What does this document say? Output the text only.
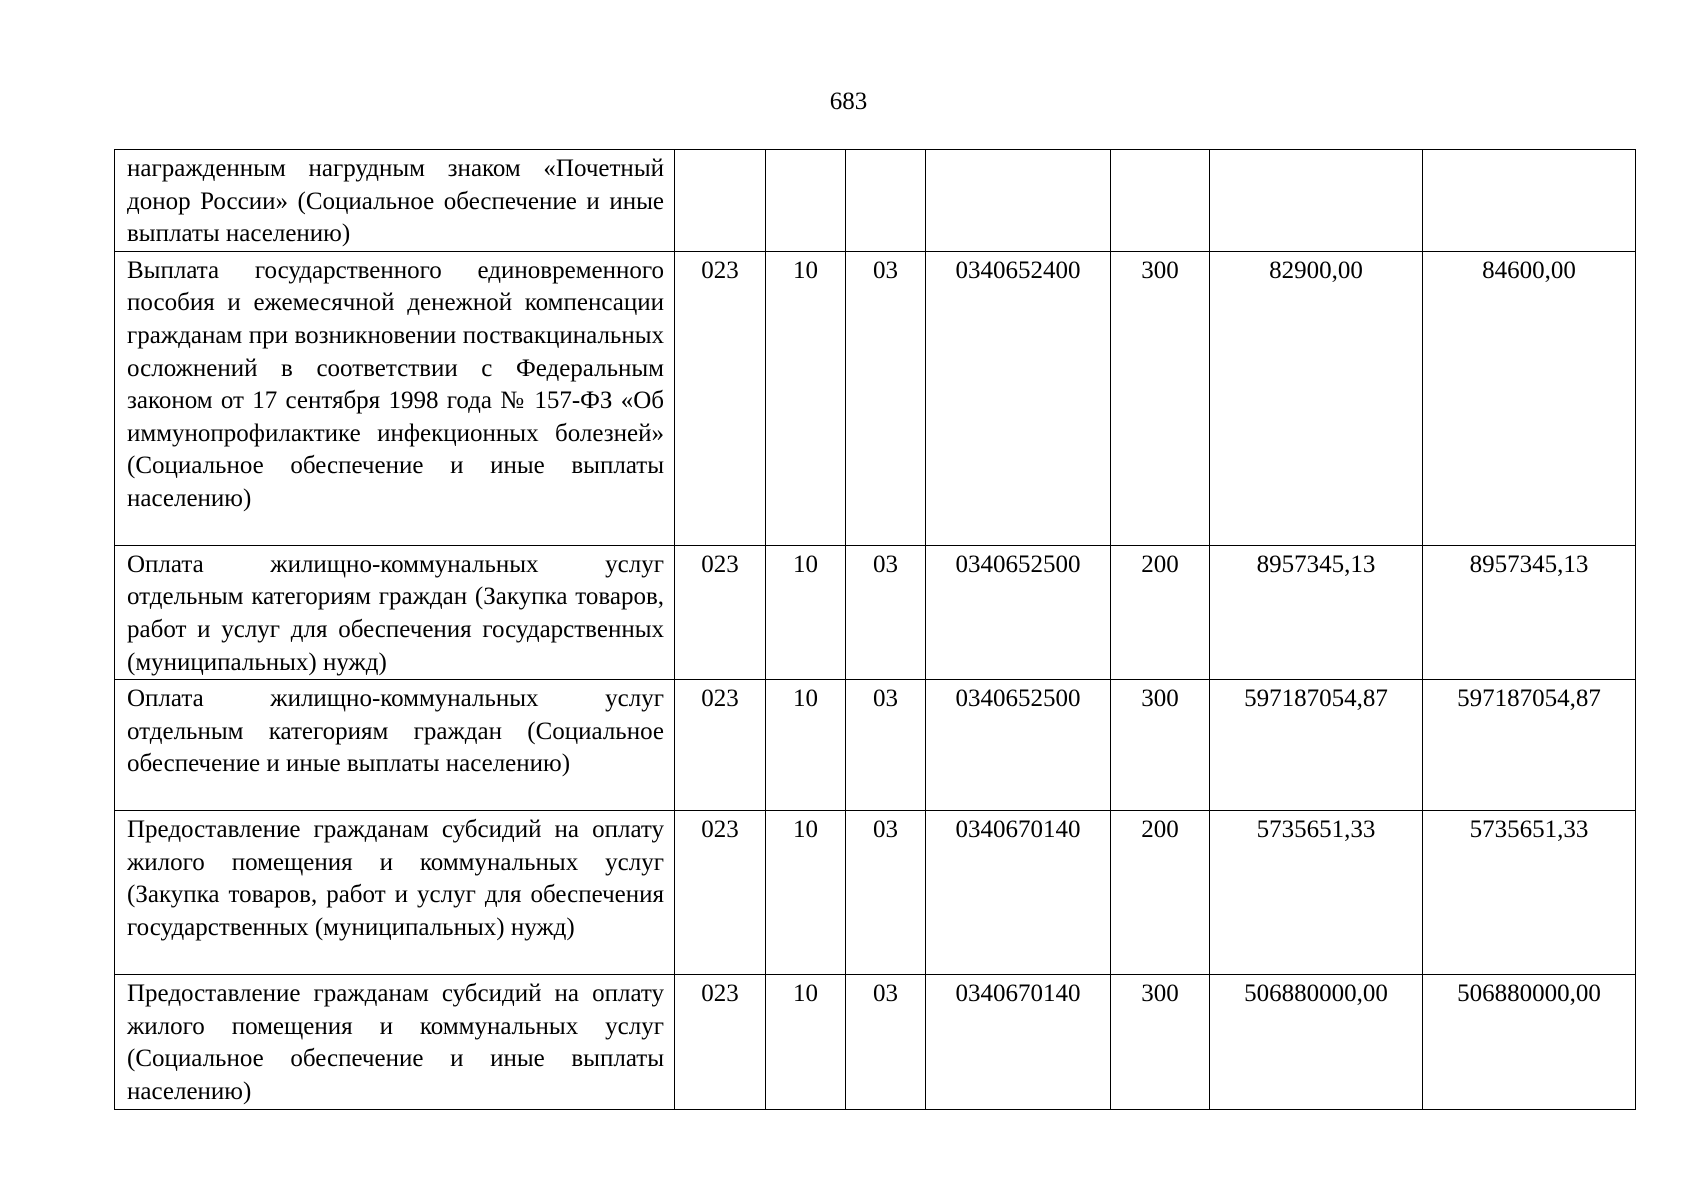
683
награжденным нагрудным знаком «Почетный донор России» (Социальное обеспечение и иные выплаты населению)							
Выплата государственного единовременного пособия и ежемесячной денежной компенсации гражданам при возникновении поствакцинальных осложнений в соответствии с Федеральным законом от 17 сентября 1998 года № 157-ФЗ «Об иммунопрофилактике инфекционных болезней» (Социальное обеспечение и иные выплаты населению)	023	10	03	0340652400	300	82900,00	84600,00
Оплата жилищно-коммунальных услуг отдельным категориям граждан (Закупка товаров, работ и услуг для обеспечения государственных (муниципальных) нужд)	023	10	03	0340652500	200	8957345,13	8957345,13
Оплата жилищно-коммунальных услуг отдельным категориям граждан (Социальное обеспечение и иные выплаты населению)	023	10	03	0340652500	300	597187054,87	597187054,87
Предоставление гражданам субсидий на оплату жилого помещения и коммунальных услуг (Закупка товаров, работ и услуг для обеспечения государственных (муниципальных) нужд)	023	10	03	0340670140	200	5735651,33	5735651,33
Предоставление гражданам субсидий на оплату жилого помещения и коммунальных услуг (Социальное обеспечение и иные выплаты населению)	023	10	03	0340670140	300	506880000,00	506880000,00
